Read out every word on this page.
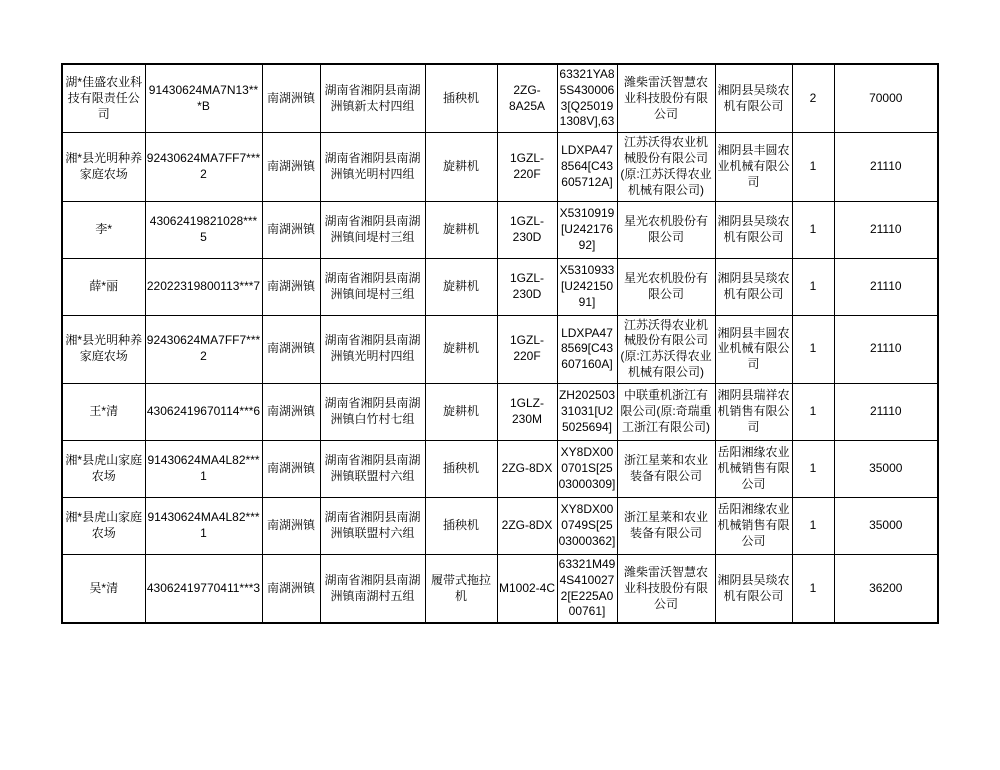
湖*佳盛农业科技有限责任公司	91430624MA7N13***B	南湖洲镇	湖南省湘阴县南湖洲镇新太村四组	插秧机	2ZG-8A25A	63321YA85S4300063[Q250191308V],63	潍柴雷沃智慧农业科技股份有限公司	湘阴县吴琰农机有限公司	2	70000
湘*县光明种养家庭农场	92430624MA7FF7***2	南湖洲镇	湖南省湘阴县南湖洲镇光明村四组	旋耕机	1GZL-220F	LDXPA478564[C43605712A]	江苏沃得农业机械股份有限公司(原:江苏沃得农业机械有限公司)	湘阴县丰圆农业机械有限公司	1	21110
李*	43062419821028***5	南湖洲镇	湖南省湘阴县南湖洲镇间堤村三组	旋耕机	1GZL-230D	X5310919[U24217692]	星光农机股份有限公司	湘阴县吴琰农机有限公司	1	21110
薛*丽	22022319800113***7	南湖洲镇	湖南省湘阴县南湖洲镇间堤村三组	旋耕机	1GZL-230D	X5310933[U24215091]	星光农机股份有限公司	湘阴县吴琰农机有限公司	1	21110
湘*县光明种养家庭农场	92430624MA7FF7***2	南湖洲镇	湖南省湘阴县南湖洲镇光明村四组	旋耕机	1GZL-220F	LDXPA478569[C43607160A]	江苏沃得农业机械股份有限公司(原:江苏沃得农业机械有限公司)	湘阴县丰圆农业机械有限公司	1	21110
王*清	43062419670114***6	南湖洲镇	湖南省湘阴县南湖洲镇白竹村七组	旋耕机	1GLZ-230M	ZH20250331031[U25025694]	中联重机浙江有限公司(原:奇瑞重工浙江有限公司)	湘阴县瑞祥农机销售有限公司	1	21110
湘*县虎山家庭农场	91430624MA4L82***1	南湖洲镇	湖南省湘阴县南湖洲镇联盟村六组	插秧机	2ZG-8DX	XY8DX000701S[2503000309]	浙江星莱和农业装备有限公司	岳阳湘缘农业机械销售有限公司	1	35000
湘*县虎山家庭农场	91430624MA4L82***1	南湖洲镇	湖南省湘阴县南湖洲镇联盟村六组	插秧机	2ZG-8DX	XY8DX000749S[2503000362]	浙江星莱和农业装备有限公司	岳阳湘缘农业机械销售有限公司	1	35000
吴*清	43062419770411***3	南湖洲镇	湖南省湘阴县南湖洲镇南湖村五组	履带式拖拉机	M1002-4C	63321M494S4100272[E225A000761]	潍柴雷沃智慧农业科技股份有限公司	湘阴县吴琰农机有限公司	1	36200
